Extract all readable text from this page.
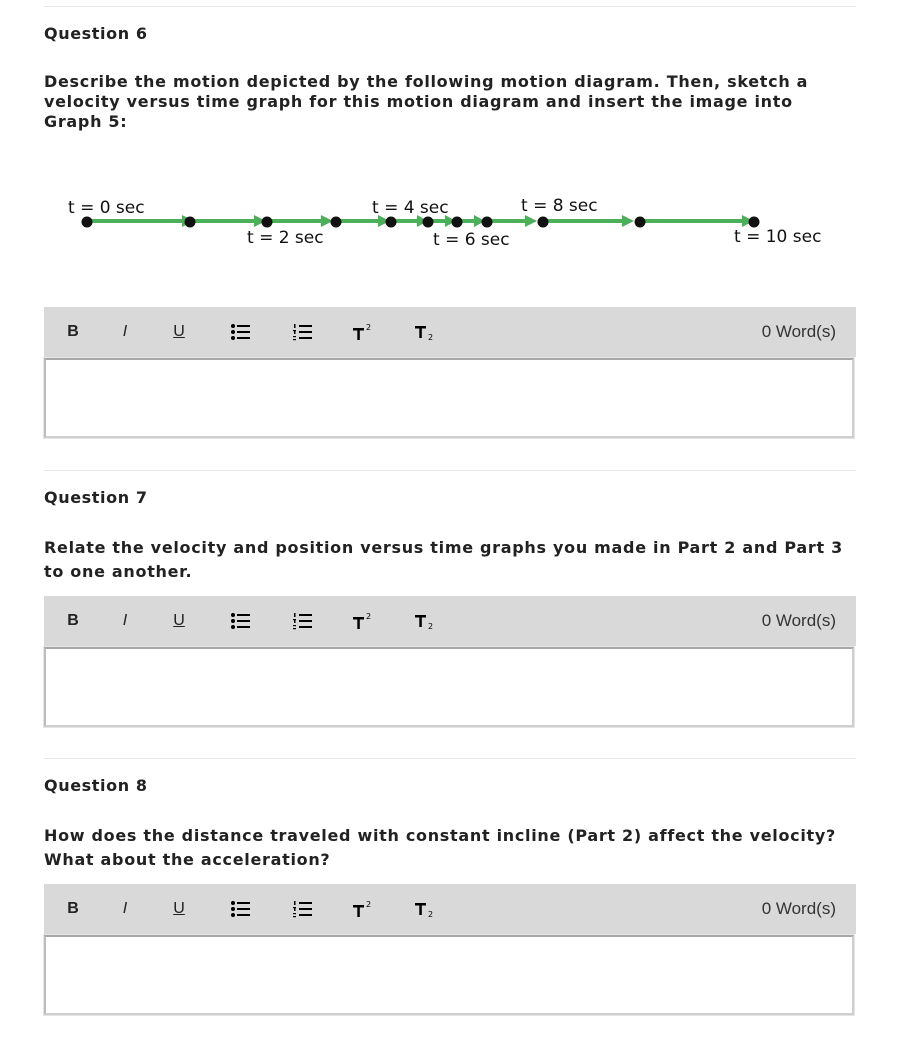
Question 6

Describe the motion depicted by the following motion diagram. Then, sketch a velocity versus time graph for this motion diagram and insert the image into Graph 5:

t = 0 sec
t = 2 sec
t = 4 sec
t = 6 sec
t = 8 sec
t = 10 sec
B	I	U	2
2	0 Word(s)
Question 7

Relate the velocity and position versus time graphs you made in Part 2 and Part 3 to one another.

B	I	U	2
2	0 Word(s)
Question 8

How does the distance traveled with constant incline (Part 2) affect the velocity? What about the acceleration?

B	I	U	2
2	0 Word(s)
